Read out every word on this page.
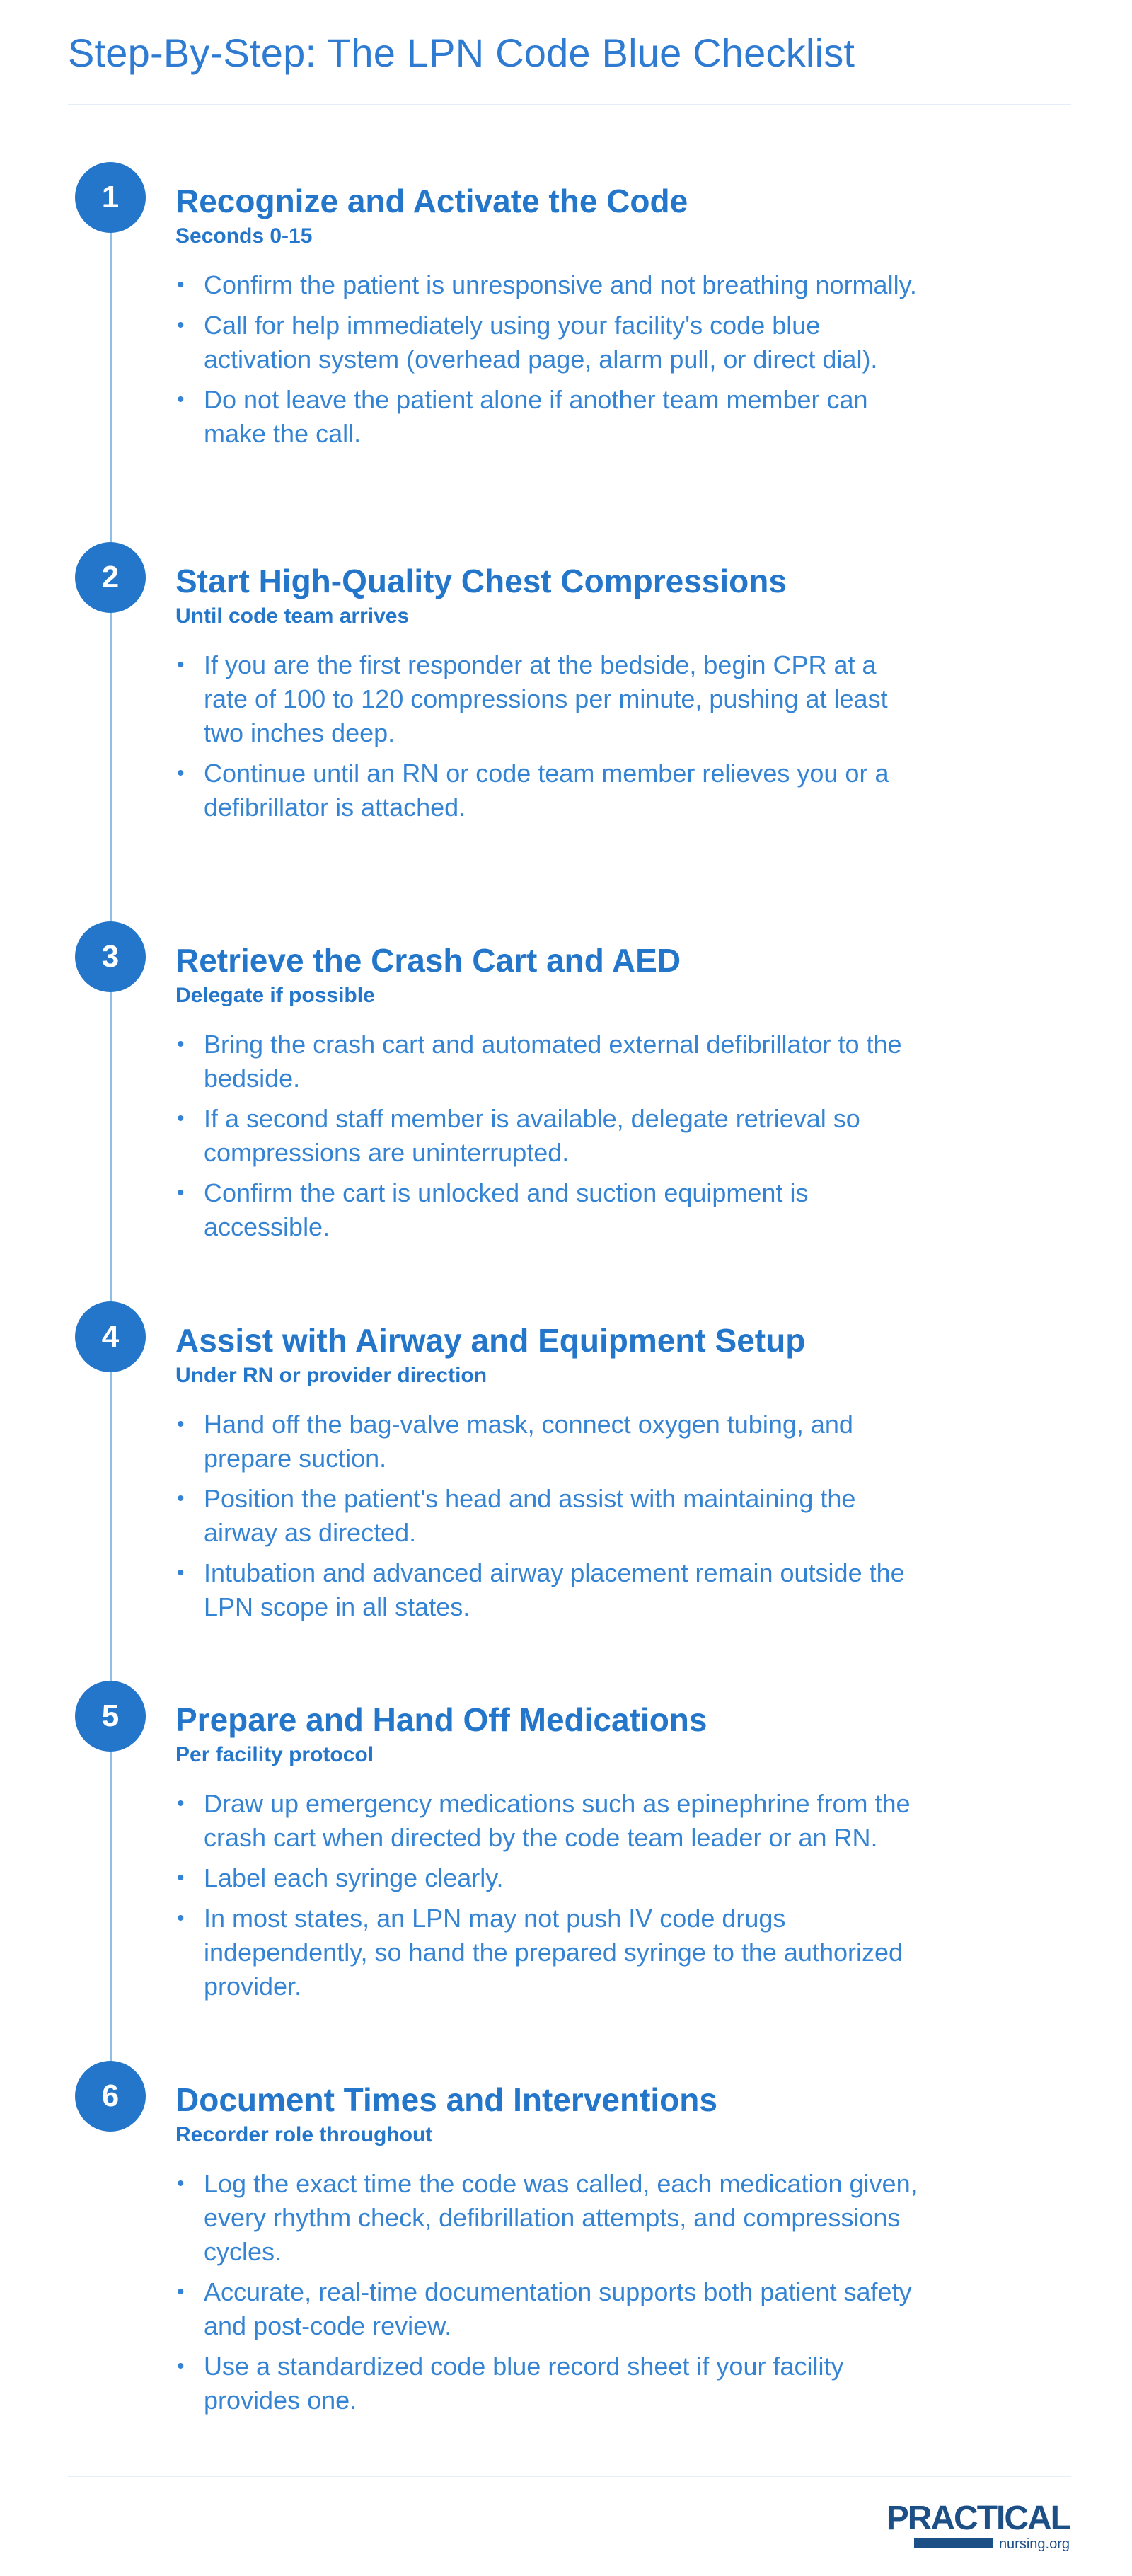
Step-By-Step: The LPN Code Blue Checklist
1	Recognize and Activate the Code
Seconds 0-15
• Confirm the patient is unresponsive and not breathing normally.
• Call for help immediately using your facility's code blue activation system (overhead page, alarm pull, or direct dial).
• Do not leave the patient alone if another team member can make the call.
2	Start High-Quality Chest Compressions
Until code team arrives
• If you are the first responder at the bedside, begin CPR at a rate of 100 to 120 compressions per minute, pushing at least two inches deep.
• Continue until an RN or code team member relieves you or a defibrillator is attached.
3	Retrieve the Crash Cart and AED
Delegate if possible
• Bring the crash cart and automated external defibrillator to the bedside.
• If a second staff member is available, delegate retrieval so compressions are uninterrupted.
• Confirm the cart is unlocked and suction equipment is accessible.
4	Assist with Airway and Equipment Setup
Under RN or provider direction
• Hand off the bag-valve mask, connect oxygen tubing, and prepare suction.
• Position the patient's head and assist with maintaining the airway as directed.
• Intubation and advanced airway placement remain outside the LPN scope in all states.
5	Prepare and Hand Off Medications
Per facility protocol
• Draw up emergency medications such as epinephrine from the crash cart when directed by the code team leader or an RN.
• Label each syringe clearly.
• In most states, an LPN may not push IV code drugs independently, so hand the prepared syringe to the authorized provider.
6	Document Times and Interventions
Recorder role throughout
• Log the exact time the code was called, each medication given, every rhythm check, defibrillation attempts, and compressions cycles.
• Accurate, real-time documentation supports both patient safety and post-code review.
• Use a standardized code blue record sheet if your facility provides one.
PRACTICAL
nursing.org
